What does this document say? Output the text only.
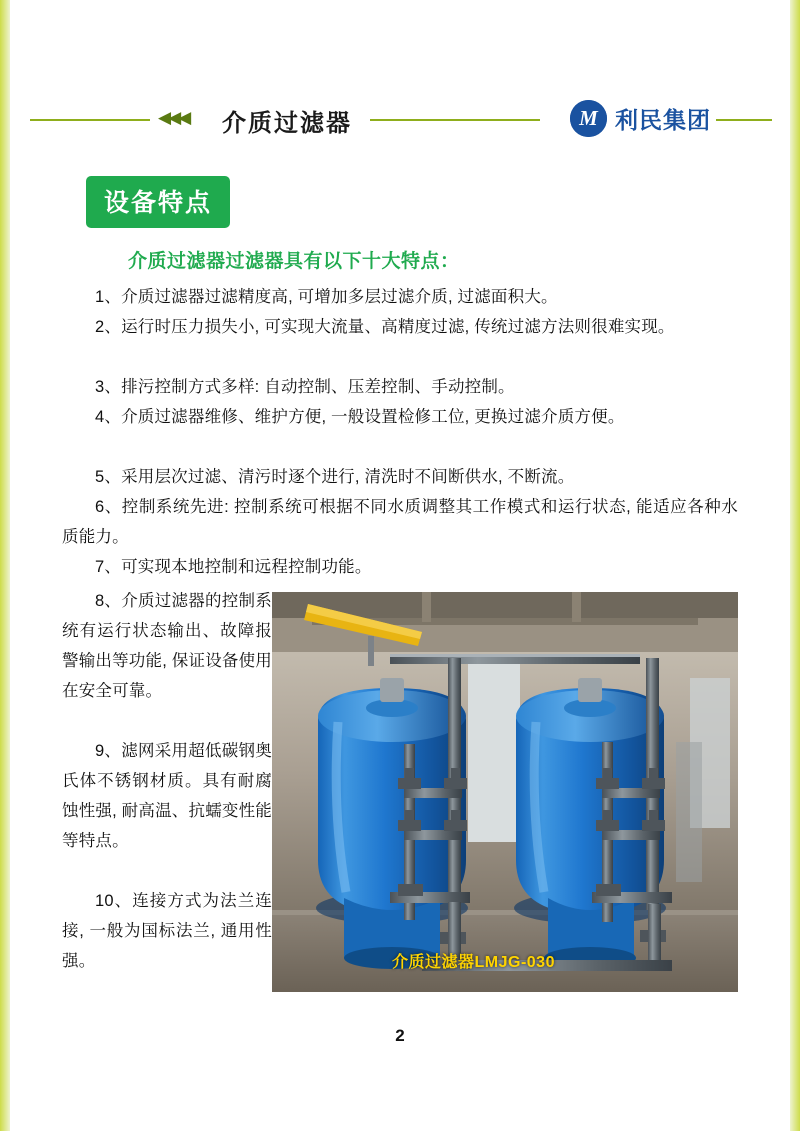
◀◀◀ 介质过滤器	M 利民集团
设备特点
介质过滤器过滤器具有以下十大特点：
1、介质过滤器过滤精度高, 可增加多层过滤介质, 过滤面积大。
2、运行时压力损失小, 可实现大流量、高精度过滤, 传统过滤方法则很难实现。
3、排污控制方式多样: 自动控制、压差控制、手动控制。
4、介质过滤器维修、维护方便, 一般设置检修工位, 更换过滤介质方便。
5、采用层次过滤、清污时逐个进行, 清洗时不间断供水, 不断流。
6、控制系统先进: 控制系统可根据不同水质调整其工作模式和运行状态, 能适应各种水质能力。
7、可实现本地控制和远程控制功能。
8、介质过滤器的控制系统有运行状态输出、故障报警输出等功能, 保证设备使用在安全可靠。
9、滤网采用超低碳钢奥氏体不锈钢材质。具有耐腐蚀性强, 耐高温、抗蠕变性能等特点。
10、连接方式为法兰连接, 一般为国标法兰, 通用性强。	介质过滤器LMJG-030
2
